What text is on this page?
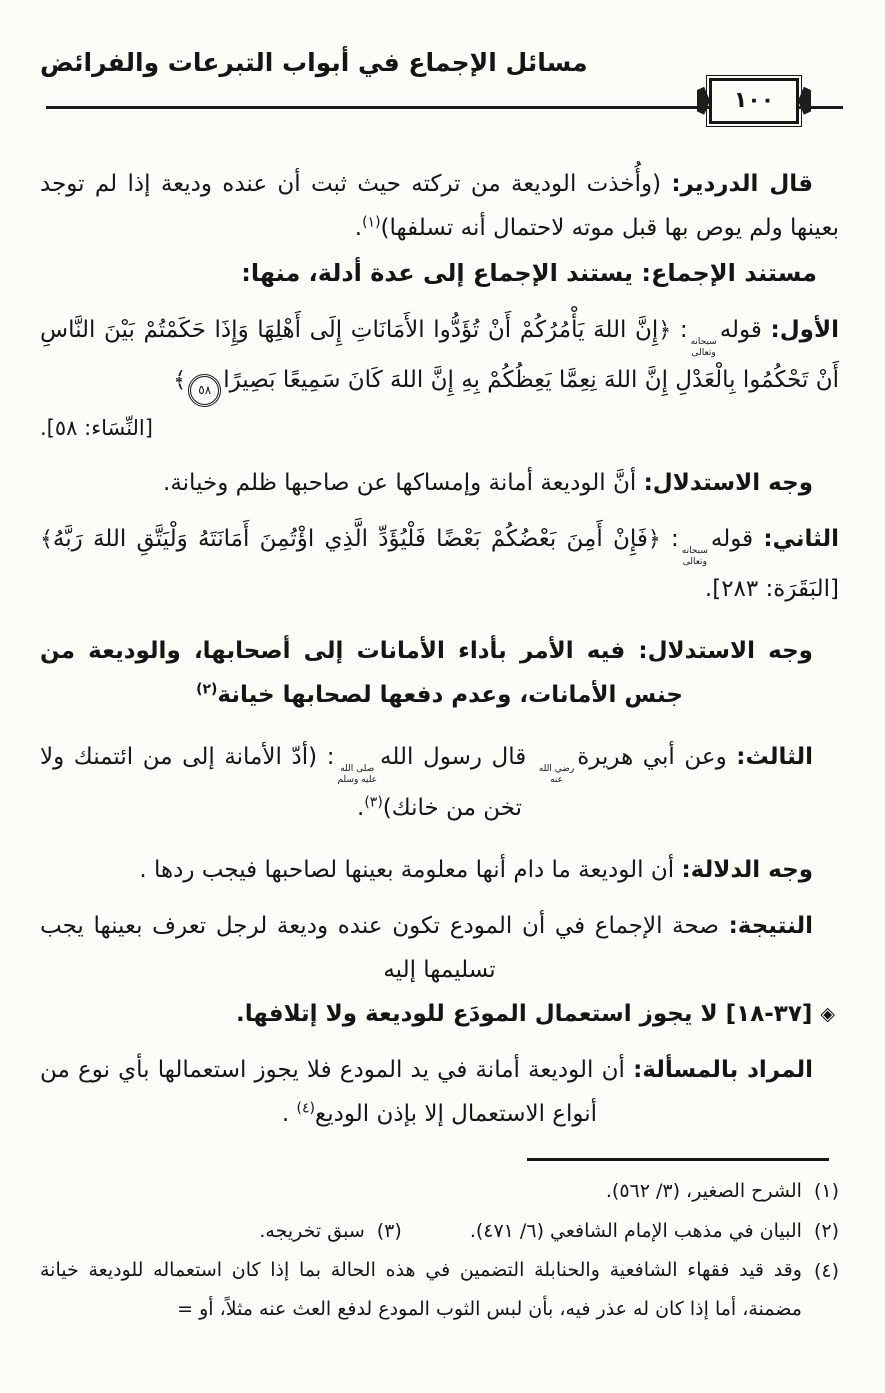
مسائل الإجماع في أبواب التبرعات والفرائض
١٠٠

قال الدردير: (وأُخذت الوديعة من تركته حيث ثبت أن عنده وديعة إذا لم توجد بعينها ولم يوص بها قبل موته لاحتمال أنه تسلفها)$^{(١)}$.

مستند الإجماع: يستند الإجماع إلى عدة أدلة، منها:

الأول: قوله
سبحانه
وتعالى
: ﴿إِنَّ اللهَ يَأْمُرُكُمْ أَنْ تُؤَدُّوا الأَمَانَاتِ إِلَى أَهْلِهَا وَإِذَا حَكَمْتُمْ بَيْنَ النَّاسِ أَنْ تَحْكُمُوا بِالْعَدْلِ إِنَّ اللهَ نِعِمَّا يَعِظُكُمْ بِهِ إِنَّ اللهَ كَانَ سَمِيعًا بَصِيرًا٥٨﴾

[النِّسَاء: ٥٨].

وجه الاستدلال: أنَّ الوديعة أمانة وإمساكها عن صاحبها ظلم وخيانة.

الثاني: قوله
سبحانه
وتعالى
: ﴿فَإِنْ أَمِنَ بَعْضُكُمْ بَعْضًا فَلْيُؤَدِّ الَّذِي اؤْتُمِنَ أَمَانَتَهُ وَلْيَتَّقِ اللهَ رَبَّهُ﴾ [البَقَرَة: ٢٨٣].

وجه الاستدلال: فيه الأمر بأداء الأمانات إلى أصحابها، والوديعة من جنس الأمانات، وعدم دفعها لصحابها خيانة$^{(٢)}$

الثالث: وعن أبي هريرة
رضي الله
عنه
قال رسول الله
صلى الله
عليه وسلم
: (أدّ الأمانة إلى من ائتمنك ولا تخن من خانك)$^{(٣)}$.

وجه الدلالة: أن الوديعة ما دام أنها معلومة بعينها لصاحبها فيجب ردها .

النتيجة: صحة الإجماع في أن المودع تكون عنده وديعة لرجل تعرف بعينها يجب تسليمها إليه

◈[٣٧-١٨] لا يجوز استعمال المودَع للوديعة ولا إتلافها.

المراد بالمسألة: أن الوديعة أمانة في يد المودع فلا يجوز استعمالها بأي نوع من أنواع الاستعمال إلا بإذن الوديع$^{(٤)}$ .

(١)
الشرح الصغير، (٣/ ٥٦٢).
(٢)
البيان في مذهب الإمام الشافعي (٦/ ٤٧١).
(٣)
سبق تخريجه.
(٤)
وقد قيد فقهاء الشافعية والحنابلة التضمين في هذه الحالة بما إذا كان استعماله للوديعة خيانة مضمنة، أما إذا كان له عذر فيه، بأن لبس الثوب المودع لدفع العث عنه مثلاً، أو =
